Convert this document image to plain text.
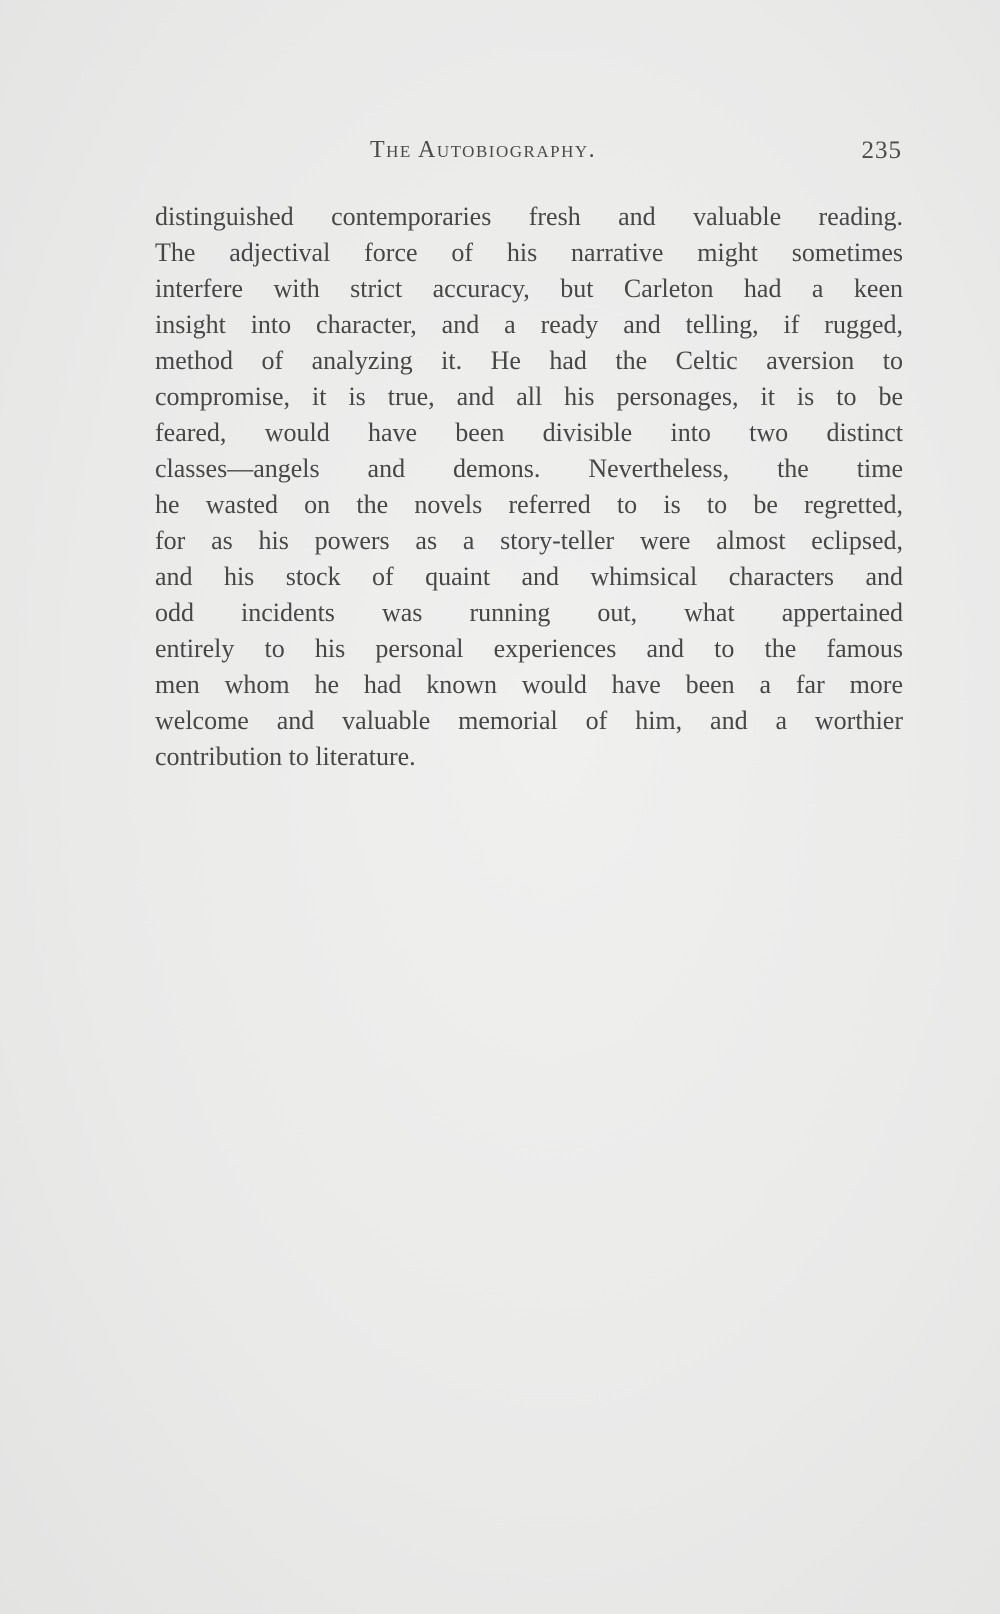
The Autobiography.	235
distinguished contemporaries fresh and valuable reading.
The adjectival force of his narrative might sometimes
interfere with strict accuracy, but Carleton had a keen
insight into character, and a ready and telling, if rugged,
method of analyzing it. He had the Celtic aversion to
compromise, it is true, and all his personages, it is to be
feared, would have been divisible into two distinct
classes—angels and demons. Nevertheless, the time
he wasted on the novels referred to is to be regretted,
for as his powers as a story-teller were almost eclipsed,
and his stock of quaint and whimsical characters and
odd incidents was running out, what appertained
entirely to his personal experiences and to the famous
men whom he had known would have been a far more
welcome and valuable memorial of him, and a worthier
contribution to literature.
